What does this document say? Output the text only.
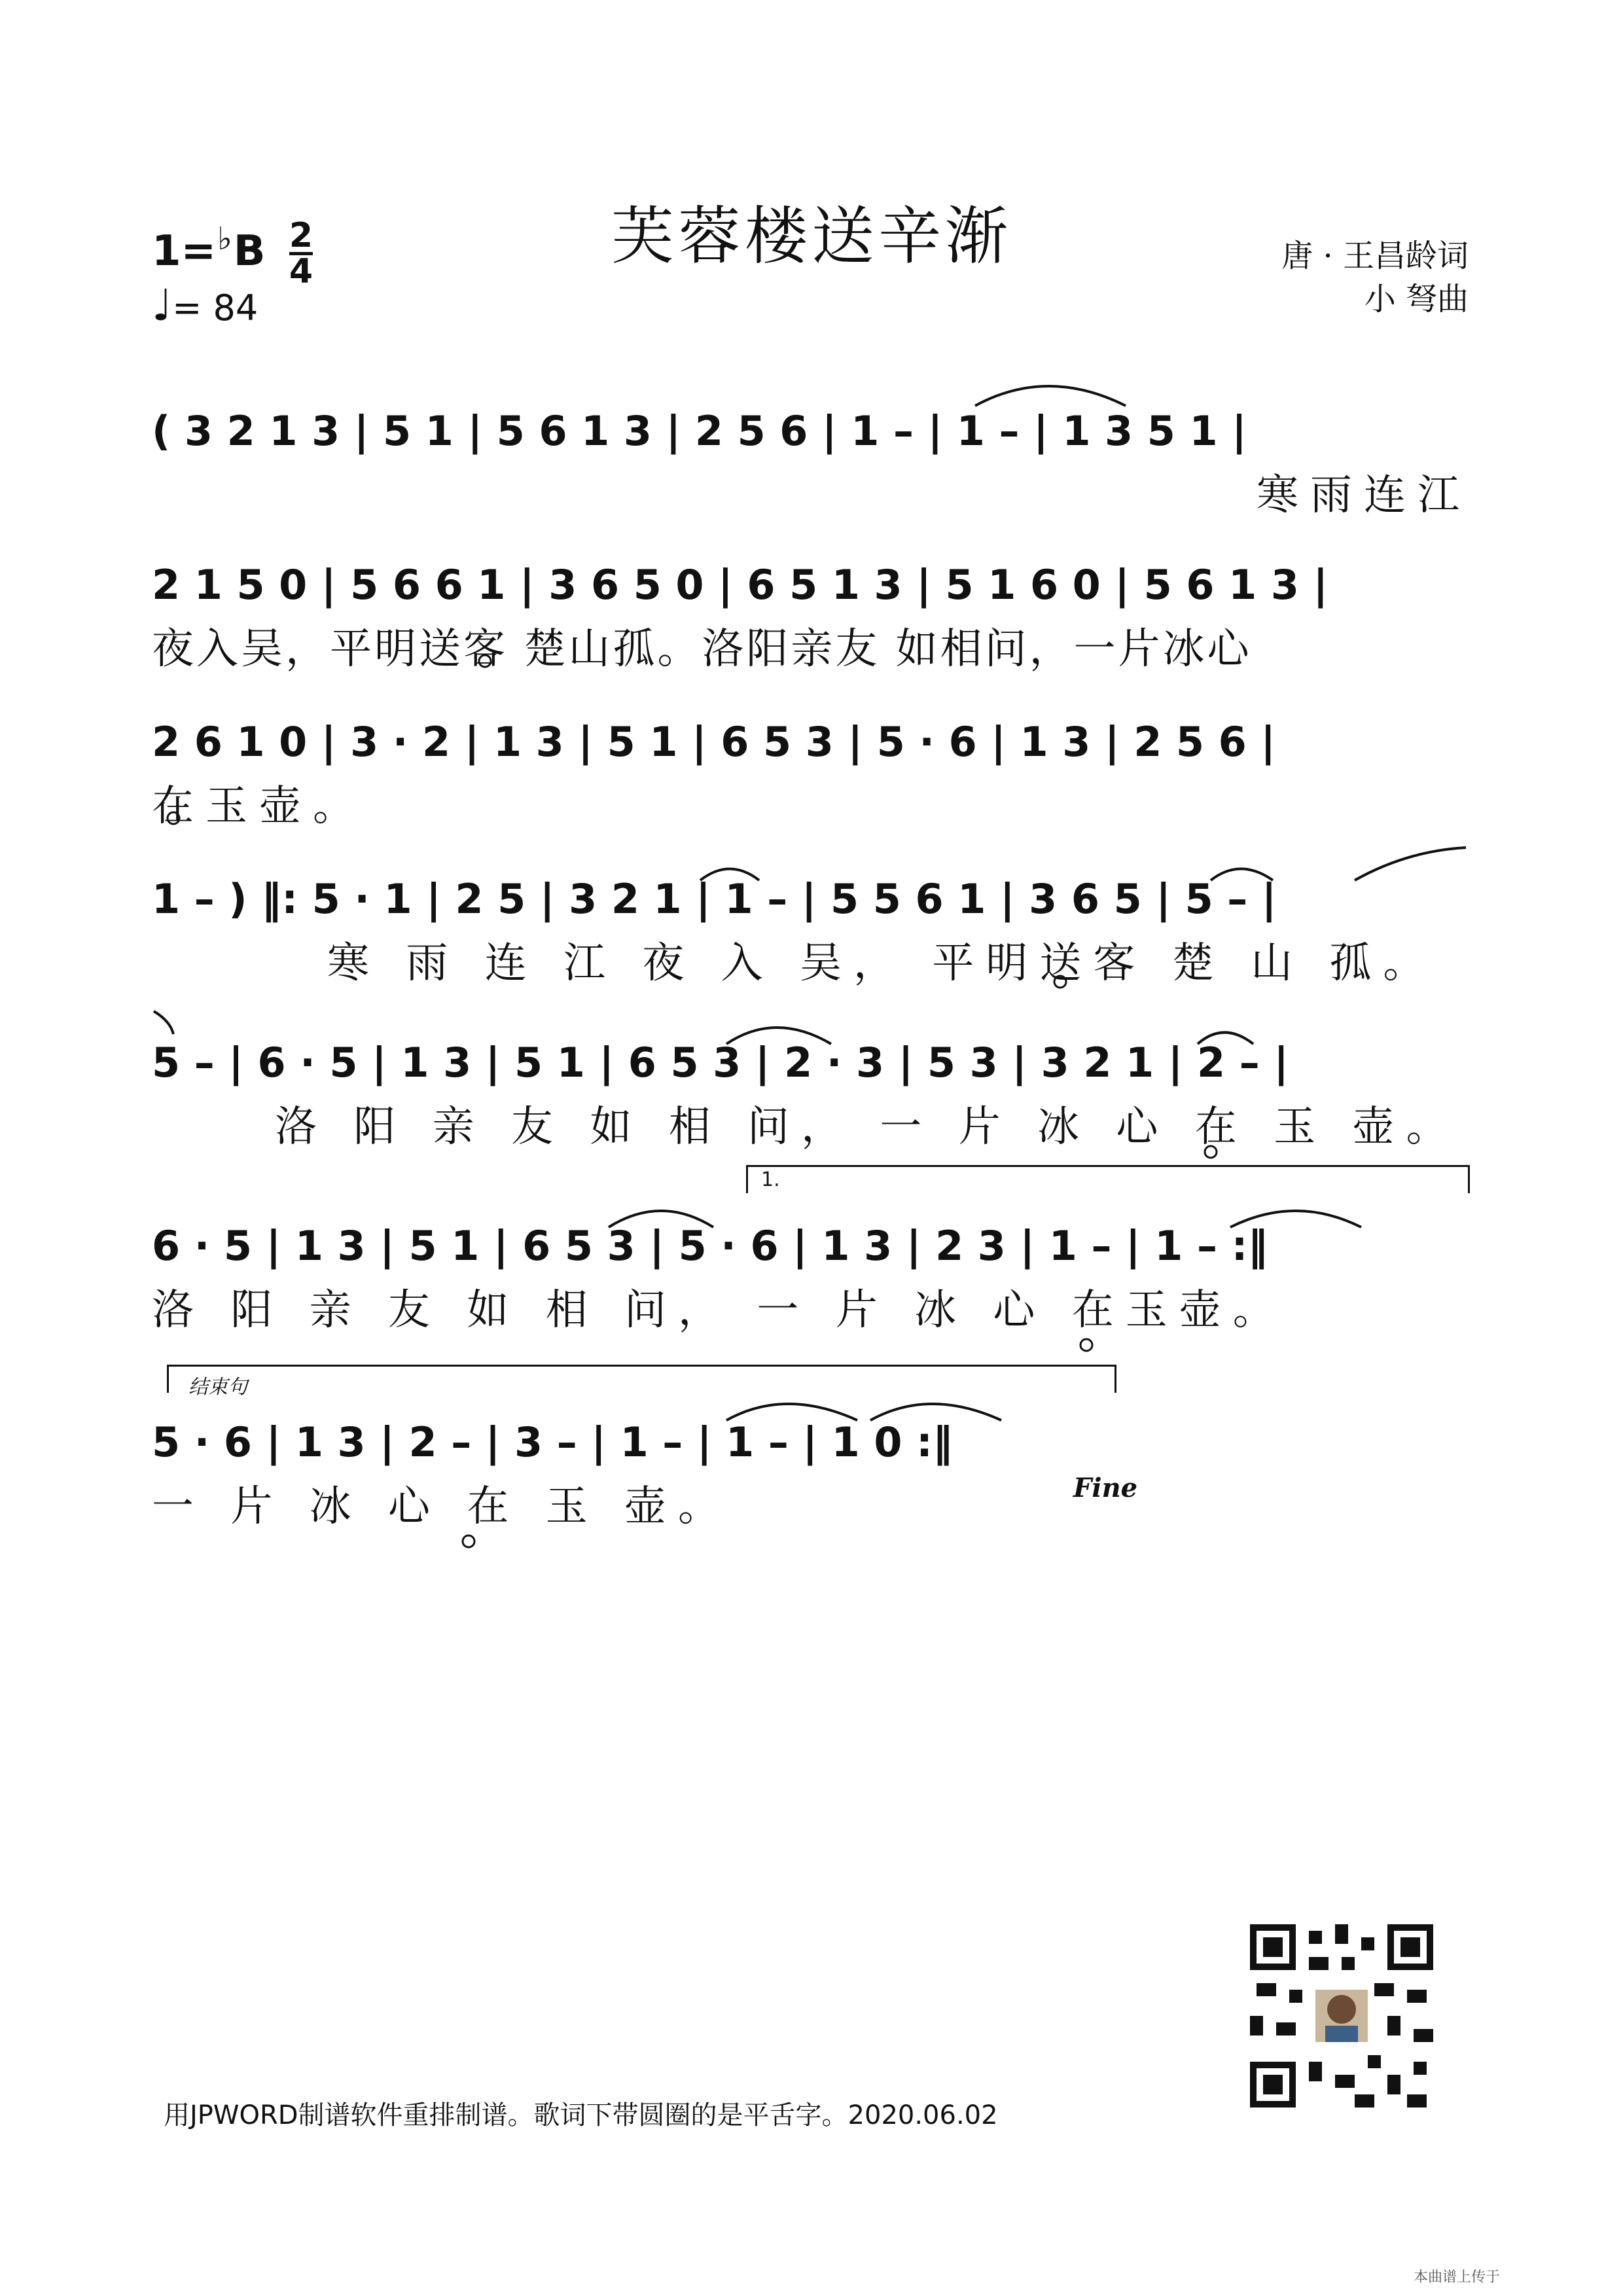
芙蓉楼送辛渐
$1=^♭B \frac{2}{4}$
♩= 84
唐 · 王昌龄词
小 弩曲
( 3 2 1 3 | 5 1 | 5 6 1 3 | 2 5 6 | 1 – | 1 – | 1 3 5 1 |
寒雨连江
2 1 5 0 | 5 6 6 1 | 3 6 5 0 | 6 5 1 3 | 5 1 6 0 | 5 6 1 3 |
夜入吴，平明送客 楚山孤。洛阳亲友 如相问，一片冰心
2 6 1 0 | 3 · 2 | 1 3 | 5 1 | 6 5 3 | 5 · 6 | 1 3 | 2 5 6 |
在玉壶。
1 – ) ‖: 5 · 1 | 2 5 | 3 2 1 | 1 – | 5 5 6 1 | 3 6 5 | 5 – |
寒 雨 连 江 夜 入 吴， 平明送客 楚 山 孤。
5 – | 6 · 5 | 1 3 | 5 1 | 6 5 3 | 2 · 3 | 5 3 | 3 2 1 | 2 – |
洛 阳 亲 友 如 相 问， 一 片 冰 心 在 玉 壶。
6 · 5 | 1 3 | 5 1 | 6 5 3 | 5 · 6 | 1 3 | 2 3 | 1 – | 1 – :‖
洛 阳 亲 友 如 相 问， 一 片 冰 心 在玉壶。
5 · 6 | 1 3 | 2 – | 3 – | 1 – | 1 – | 1 0 :‖
一 片 冰 心 在 玉 壶。
1.
结束句
Fine
用JPWORD制谱软件重排制谱。歌词下带圆圈的是平舌字。2020.06.02
本曲谱上传于
